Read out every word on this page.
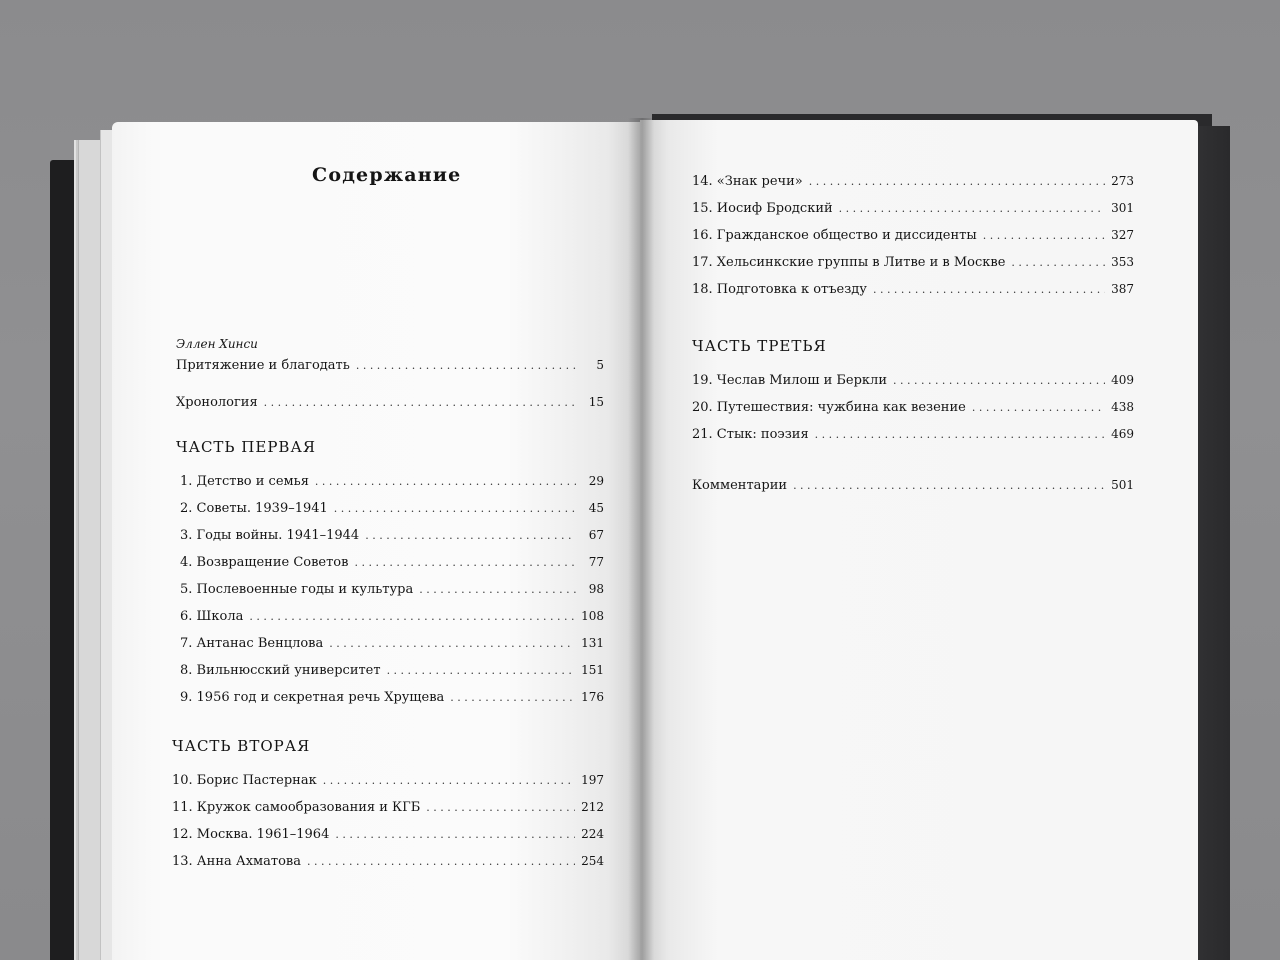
Содержание
Эллен Хинси
Притяжение и благодать . . .	5
Хронология . . .	15
ЧАСТЬ ПЕРВАЯ
1. Детство и семья . . .	29
2. Советы. 1939–1941 . . .	45
3. Годы войны. 1941–1944 . . .	67
4. Возвращение Советов . . .	77
5. Послевоенные годы и культура . . .	98
6. Школа . . .	108
7. Антанас Венцлова . . .	131
8. Вильнюсский университет . . .	151
9. 1956 год и секретная речь Хрущева . . .	176
ЧАСТЬ ВТОРАЯ
10. Борис Пастернак . . .	197
11. Кружок самообразования и КГБ . . .	212
12. Москва. 1961–1964 . . .	224
13. Анна Ахматова . . .	254
14. «Знак речи» . . .	273
15. Иосиф Бродский . . .	301
16. Гражданское общество и диссиденты . . .	327
17. Хельсинкские группы в Литве и в Москве . . .	353
18. Подготовка к отъезду . . .	387
ЧАСТЬ ТРЕТЬЯ
19. Чеслав Милош и Беркли . . .	409
20. Путешествия: чужбина как везение . . .	438
21. Стык: поэзия . . .	469
Комментарии . . .	501
